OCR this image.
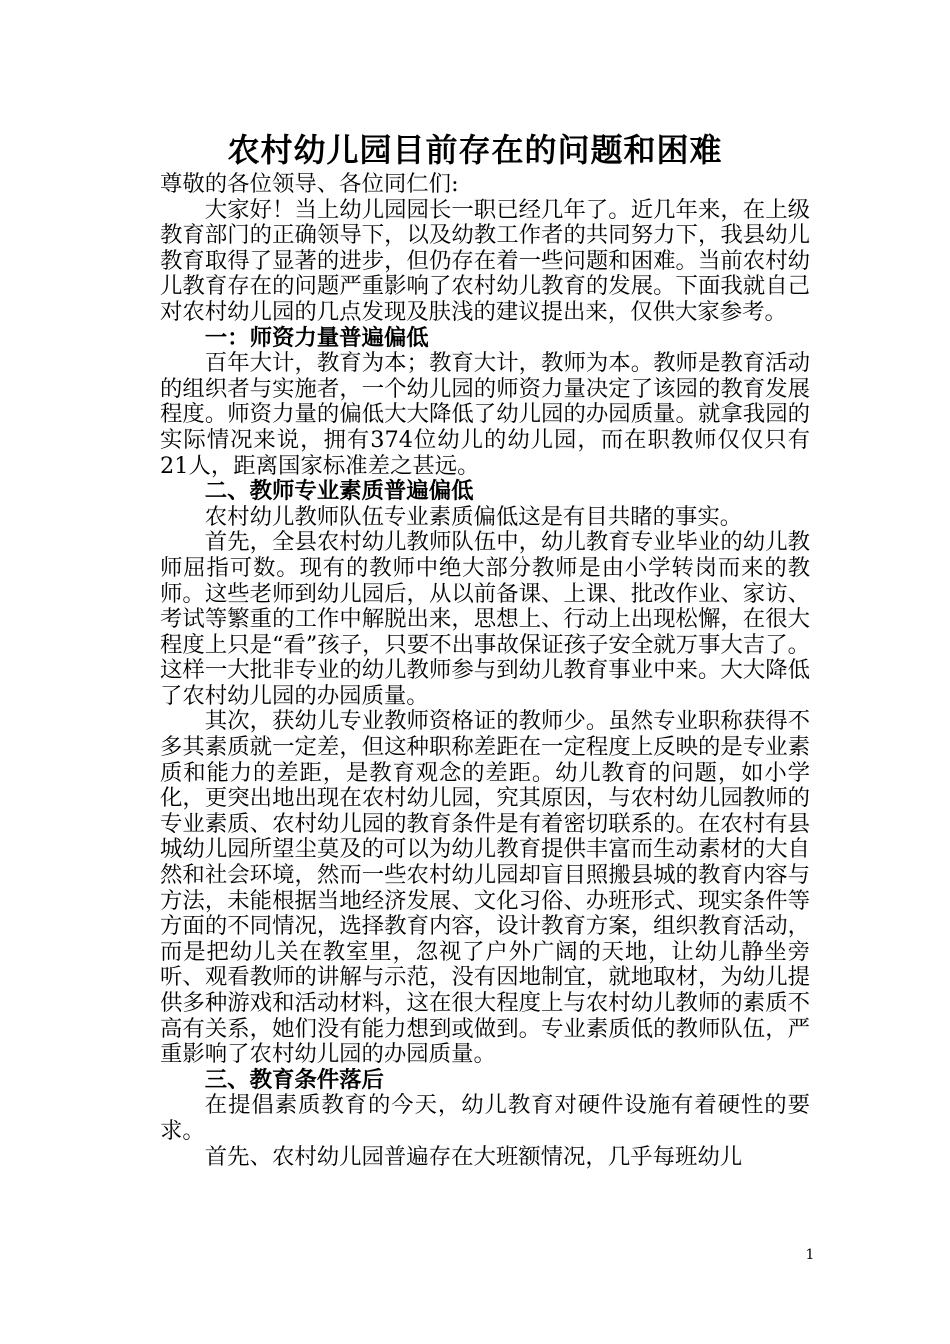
农村幼儿园目前存在的问题和困难

尊敬的各位领导、各位同仁们:

大家好！当上幼儿园园长一职已经几年了。近几年来，在上级教育部门的正确领导下，以及幼教工作者的共同努力下，我县幼儿教育取得了显著的进步，但仍存在着一些问题和困难。当前农村幼儿教育存在的问题严重影响了农村幼儿教育的发展。下面我就自己对农村幼儿园的几点发现及肤浅的建议提出来，仅供大家参考。

一：师资力量普遍偏低

百年大计，教育为本；教育大计，教师为本。教师是教育活动的组织者与实施者，一个幼儿园的师资力量决定了该园的教育发展程度。师资力量的偏低大大降低了幼儿园的办园质量。就拿我园的实际情况来说，拥有374位幼儿的幼儿园，而在职教师仅仅只有21人，距离国家标准差之甚远。

二、教师专业素质普遍偏低

农村幼儿教师队伍专业素质偏低这是有目共睹的事实。

首先，全县农村幼儿教师队伍中，幼儿教育专业毕业的幼儿教师屈指可数。现有的教师中绝大部分教师是由小学转岗而来的教师。这些老师到幼儿园后，从以前备课、上课、批改作业、家访、考试等繁重的工作中解脱出来，思想上、行动上出现松懈，在很大程度上只是“看”孩子，只要不出事故保证孩子安全就万事大吉了。这样一大批非专业的幼儿教师参与到幼儿教育事业中来。大大降低了农村幼儿园的办园质量。

其次，获幼儿专业教师资格证的教师少。虽然专业职称获得不多其素质就一定差，但这种职称差距在一定程度上反映的是专业素质和能力的差距，是教育观念的差距。幼儿教育的问题，如小学化，更突出地出现在农村幼儿园，究其原因，与农村幼儿园教师的专业素质、农村幼儿园的教育条件是有着密切联系的。在农村有县城幼儿园所望尘莫及的可以为幼儿教育提供丰富而生动素材的大自然和社会环境，然而一些农村幼儿园却盲目照搬县城的教育内容与方法，未能根据当地经济发展、文化习俗、办班形式、现实条件等方面的不同情况，选择教育内容，设计教育方案，组织教育活动，而是把幼儿关在教室里，忽视了户外广阔的天地，让幼儿静坐旁听、观看教师的讲解与示范，没有因地制宜，就地取材，为幼儿提供多种游戏和活动材料，这在很大程度上与农村幼儿教师的素质不高有关系，她们没有能力想到或做到。专业素质低的教师队伍，严重影响了农村幼儿园的办园质量。

三、教育条件落后

在提倡素质教育的今天，幼儿教育对硬件设施有着硬性的要求。

首先、农村幼儿园普遍存在大班额情况，几乎每班幼儿

1
